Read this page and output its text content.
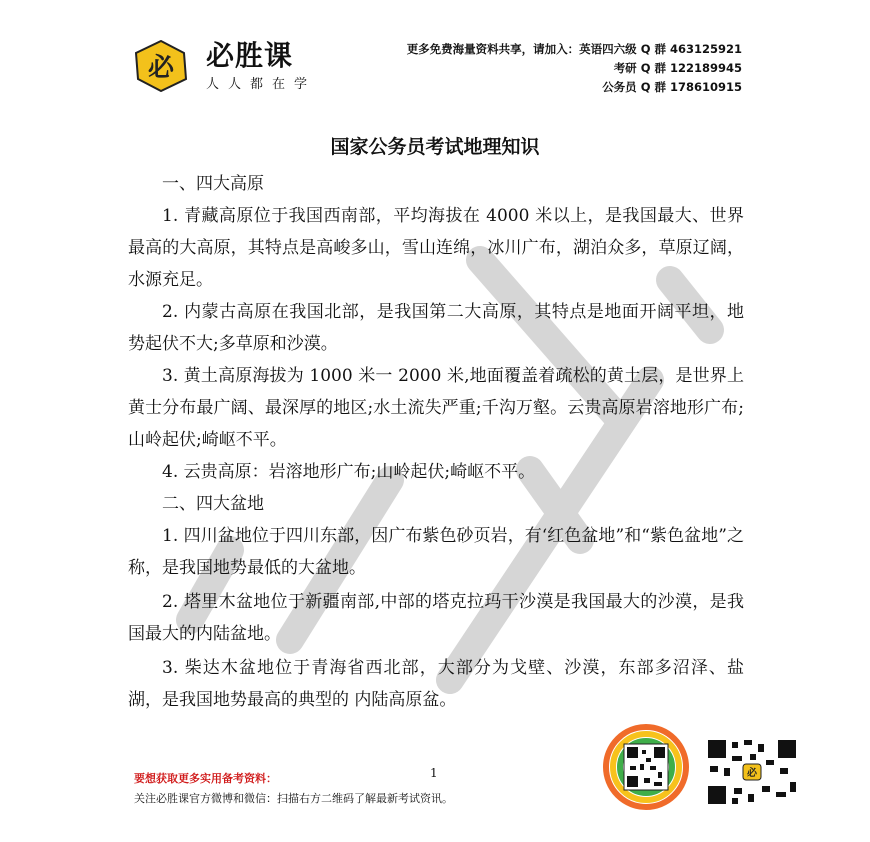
必 必胜课
人人都在学
更多免费海量资料共享，请加入：英语四六级 Q 群 463125921
考研 Q 群 122189945
公务员 Q 群 178610915
国家公务员考试地理知识

一、四大高原

1. 青藏高原位于我国西南部，平均海拔在 4000 米以上，是我国最大、世界最高的大高原，其特点是高峻多山，雪山连绵，冰川广布，湖泊众多，草原辽阔，水源充足。

2. 内蒙古高原在我国北部，是我国第二大高原，其特点是地面开阔平坦，地势起伏不大;多草原和沙漠。

3. 黄土高原海拔为 1000 米一 2000 米,地面覆盖着疏松的黄土层，是世界上黄士分布最广阔、最深厚的地区;水土流失严重;千沟万壑。云贵高原岩溶地形广布;山岭起伏;崎岖不平。

4. 云贵高原：岩溶地形广布;山岭起伏;崎岖不平。

二、四大盆地

1. 四川盆地位于四川东部，因广布紫色砂页岩，有‘红色盆地”和“紫色盆地”之称，是我国地势最低的大盆地。

2. 塔里木盆地位于新疆南部,中部的塔克拉玛干沙漠是我国最大的沙漠，是我国最大的内陆盆地。

3. 柴达木盆地位于青海省西北部，大部分为戈壁、沙漠，东部多沼泽、盐湖，是我国地势最高的典型的 内陆高原盆。

要想获取更多实用备考资料：	1
关注必胜课官方微博和微信：扫描右方二维码了解最新考试资讯。
必
